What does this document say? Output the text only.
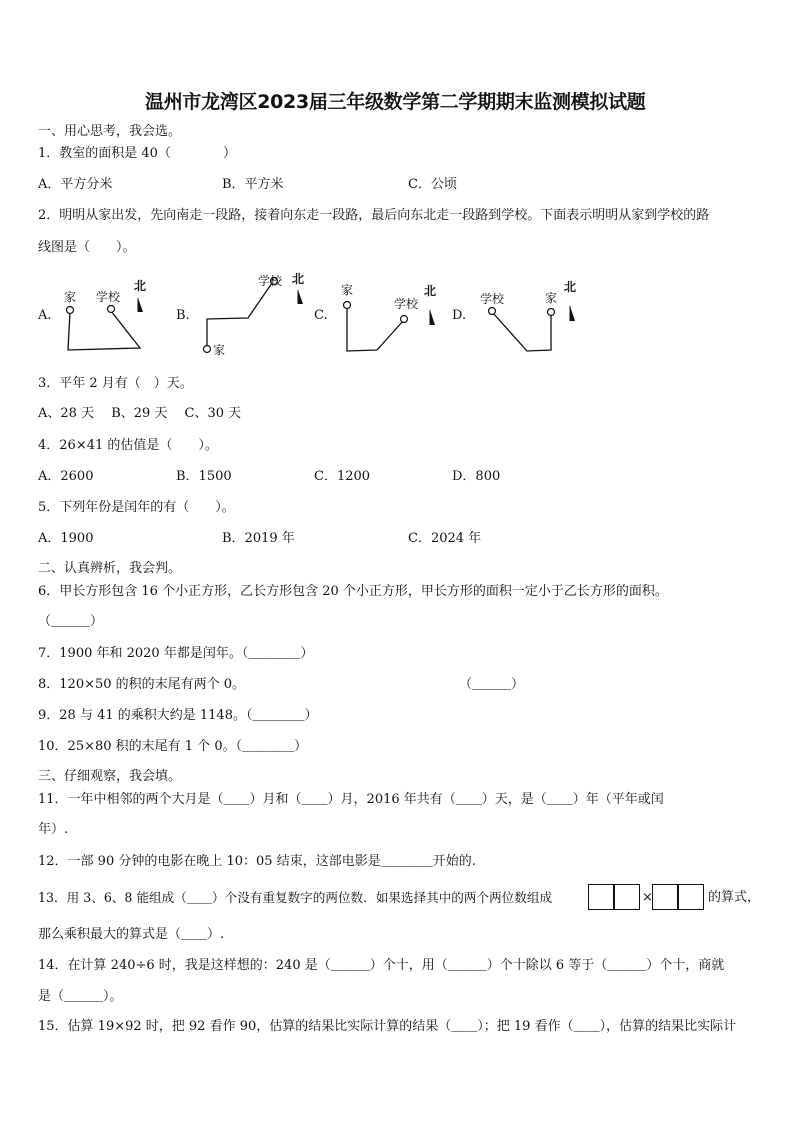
温州市龙湾区2023届三年级数学第二学期期末监测模拟试题
一、用心思考，我会选。
1．教室的面积是 40（　　　　）
A．平方分米	B．平方米	C．公顷
2．明明从家出发，先向南走一段路，接着向东走一段路，最后向东北走一段路到学校。下面表示明明从家到学校的路
线图是（　　）。
A.	B.	C.	D.
家 学校
北	学校
家
北
家
学校
北
学校	家
北
3．平年 2 月有（　）天。
A、28 天　 B、29 天　 C、30 天
4．26×41 的估值是（　　）。
A．2600	B．1500	C．1200	D．800
5．下列年份是闰年的有（　　）。
A．1900	B．2019 年	C．2024 年
二、认真辨析，我会判。
6．甲长方形包含 16 个小正方形，乙长方形包含 20 个小正方形，甲长方形的面积一定小于乙长方形的面积。
（＿＿＿）
7．1900 年和 2020 年都是闰年。（＿＿＿＿）
8．120×50 的积的末尾有两个 0。	（＿＿＿）
9．28 与 41 的乘积大约是 1148。（＿＿＿＿）
10．25×80 积的末尾有 1 个 0。（＿＿＿＿）
三、仔细观察，我会填。
11．一年中相邻的两个大月是（＿＿）月和（＿＿）月，2016 年共有（＿＿）天，是（＿＿）年（平年或闰
年）.
12．一部 90 分钟的电影在晚上 10：05 结束，这部电影是＿＿＿＿开始的.
13．用 3、6、8 能组成（＿＿）个没有重复数字的两位数．如果选择其中的两个两位数组成	×	的算式，
那么乘积最大的算式是（＿＿）.
14．在计算 240÷6 时，我是这样想的：240 是（＿＿＿）个十，用（＿＿＿）个十除以 6 等于（＿＿＿）个十，商就
是（＿＿＿）。
15．估算 19×92 时，把 92 看作 90，估算的结果比实际计算的结果（＿＿）；把 19 看作（＿＿），估算的结果比实际计
